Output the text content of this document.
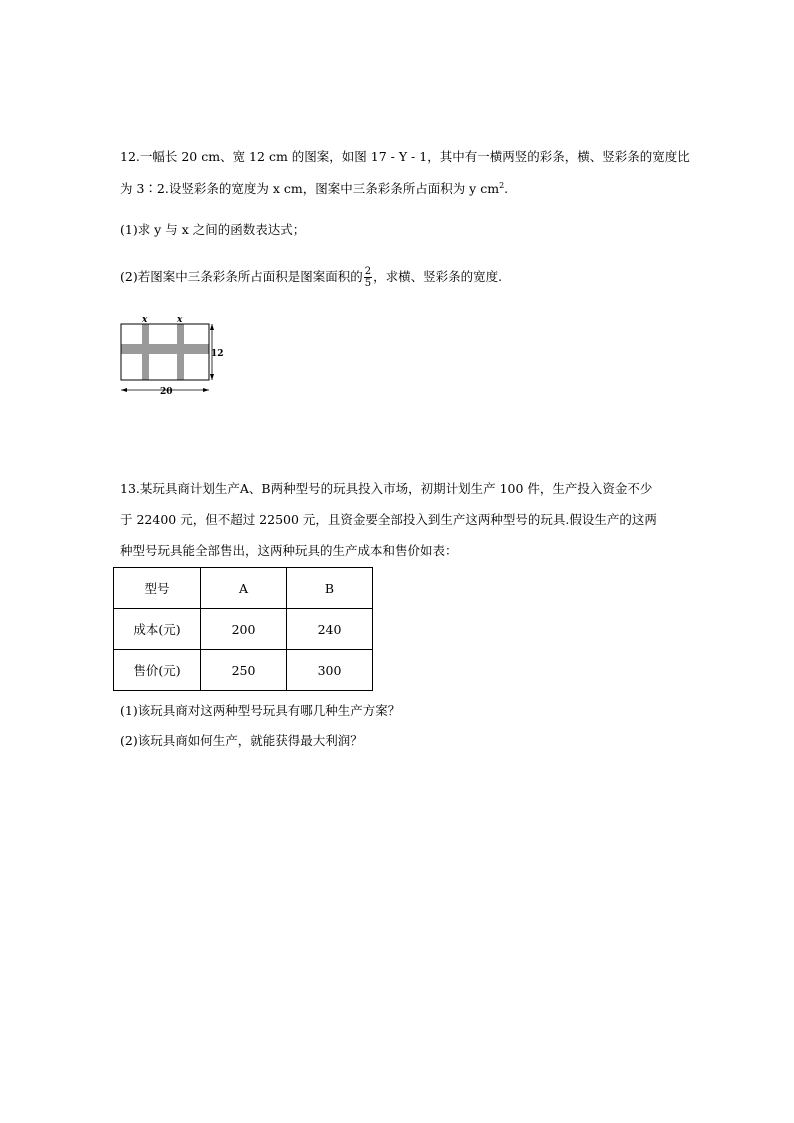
12.一幅长 20 cm、宽 12 cm 的图案，如图 17 - Y - 1，其中有一横两竖的彩条，横、竖彩条的宽度比
为 3∶2.设竖彩条的宽度为 x cm，图案中三条彩条所占面积为 y $cm^2$.
(1)求 y 与 x 之间的函数表达式；
(2)若图案中三条彩条所占面积是图案面积的 $\frac{2}{5}$ ，求横、竖彩条的宽度.
x	x
12
20
13.某玩具商计划生产A、B两种型号的玩具投入市场，初期计划生产 100 件，生产投入资金不少
于 22400 元，但不超过 22500 元，且资金要全部投入到生产这两种型号的玩具.假设生产的这两
种型号玩具能全部售出，这两种玩具的生产成本和售价如表：
型号	A	B
成本(元)	200	240
售价(元)	250	300
(1)该玩具商对这两种型号玩具有哪几种生产方案？
(2)该玩具商如何生产，就能获得最大利润？
